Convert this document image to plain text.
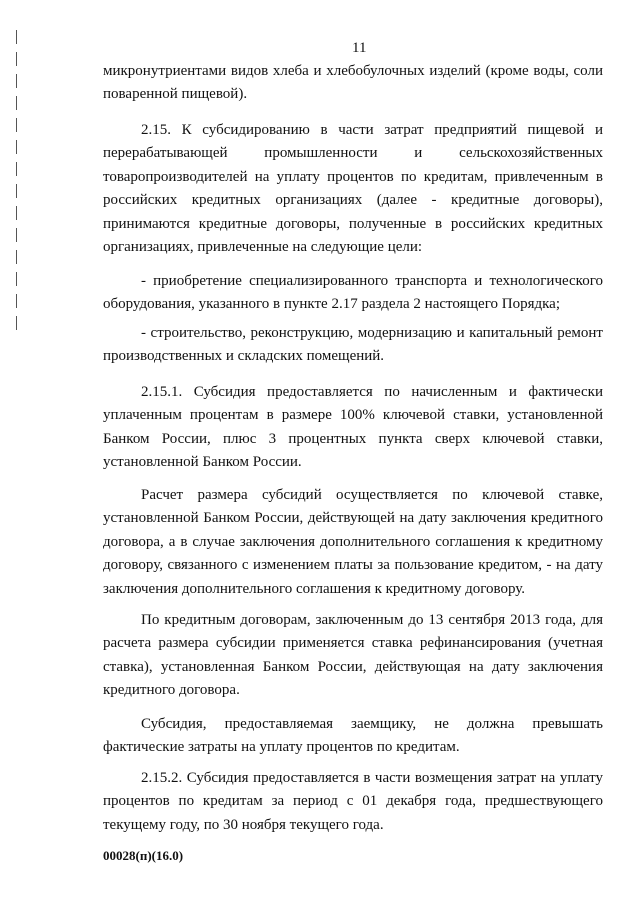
11

микронутриентами видов хлеба и хлебобулочных изделий (кроме воды, соли поваренной пищевой).

2.15. К субсидированию в части затрат предприятий пищевой и перерабатывающей промышленности и сельскохозяйственных товаропроизводителей на уплату процентов по кредитам, привлеченным в российских кредитных организациях (далее - кредитные договоры), принимаются кредитные договоры, полученные в российских кредитных организациях, привлеченные на следующие цели:

- приобретение специализированного транспорта и технологического оборудования, указанного в пункте 2.17 раздела 2 настоящего Порядка;

- строительство, реконструкцию, модернизацию и капитальный ремонт производственных и складских помещений.

2.15.1. Субсидия предоставляется по начисленным и фактически уплаченным процентам в размере 100% ключевой ставки, установленной Банком России, плюс 3 процентных пункта сверх ключевой ставки, установленной Банком России.

Расчет размера субсидий осуществляется по ключевой ставке, установленной Банком России, действующей на дату заключения кредитного договора, а в случае заключения дополнительного соглашения к кредитному договору, связанного с изменением платы за пользование кредитом, - на дату заключения дополнительного соглашения к кредитному договору.

По кредитным договорам, заключенным до 13 сентября 2013 года, для расчета размера субсидии применяется ставка рефинансирования (учетная ставка), установленная Банком России, действующая на дату заключения кредитного договора.

Субсидия, предоставляемая заемщику, не должна превышать фактические затраты на уплату процентов по кредитам.

2.15.2. Субсидия предоставляется в части возмещения затрат на уплату процентов по кредитам за период с 01 декабря года, предшествующего текущему году, по 30 ноября текущего года.

00028(п)(16.0)
